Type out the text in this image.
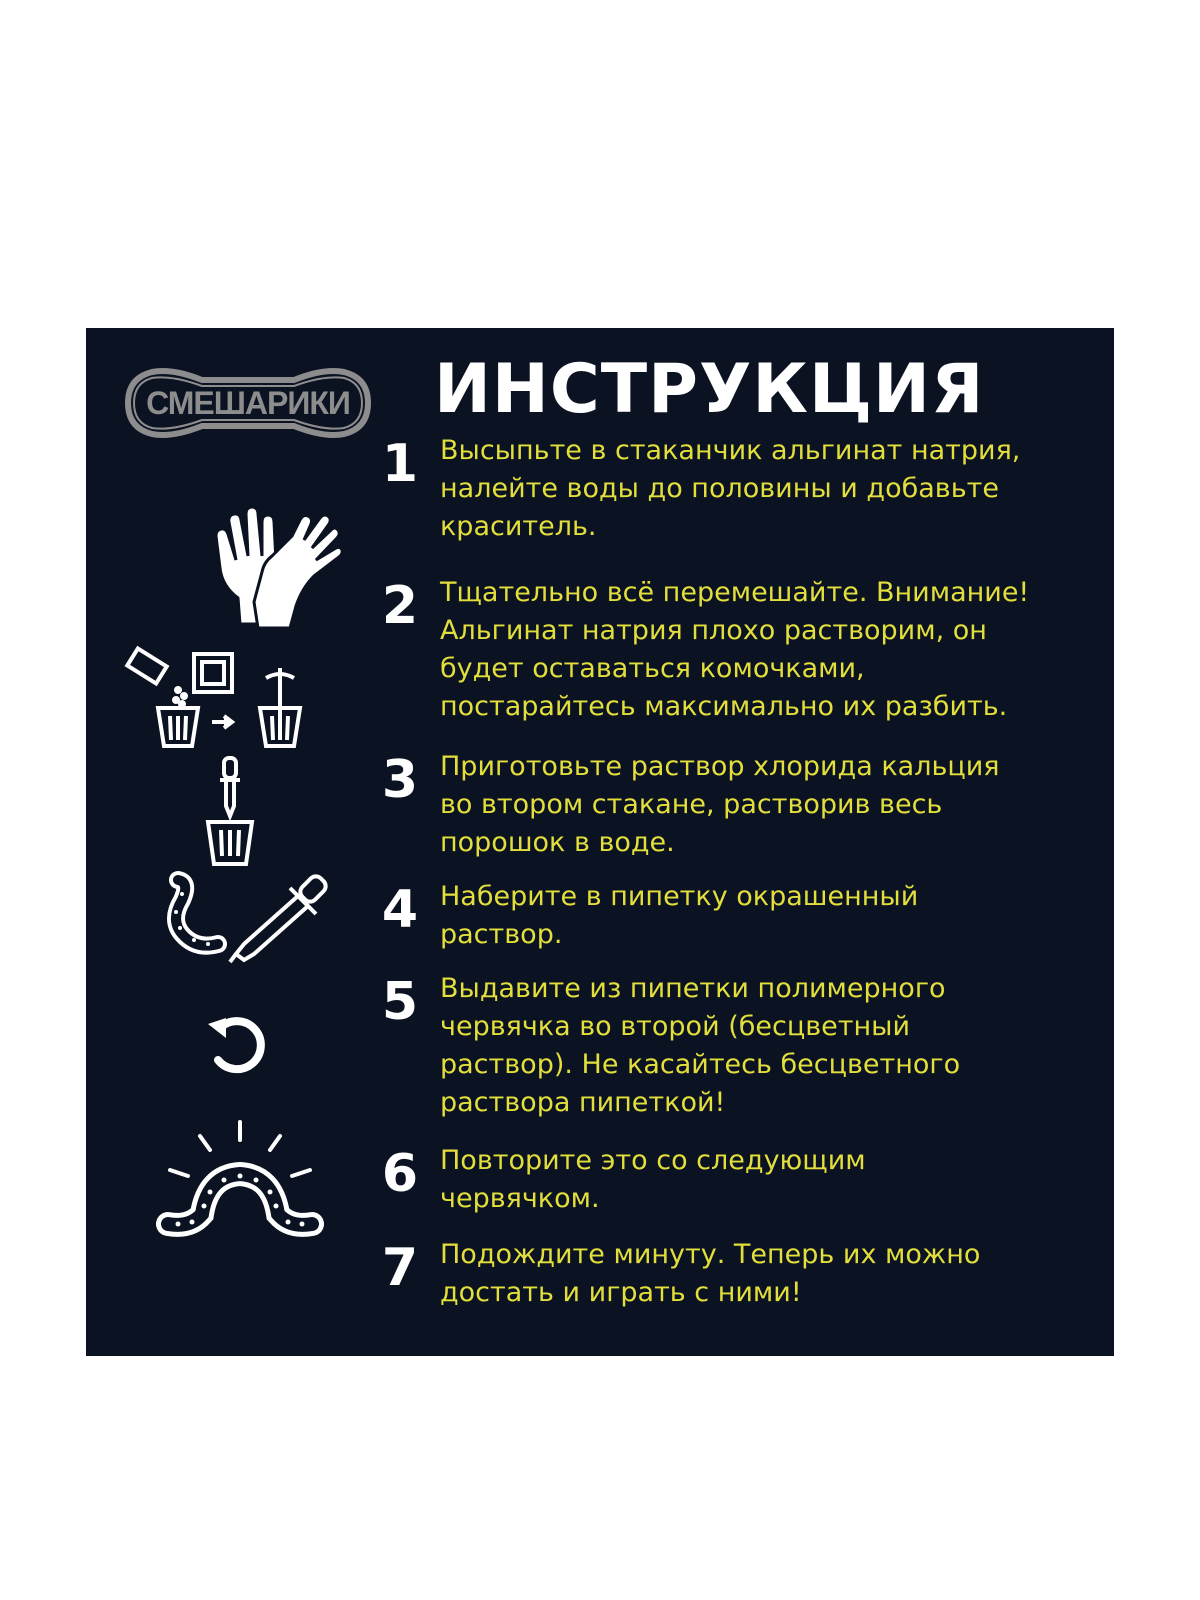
СМЕШАРИКИ ИНСТРУКЦИЯ
1 Высыпьте в стаканчик альгинат натрия,
налейте воды до половины и добавьте
краситель.

2 Тщательно всё перемешайте. Внимание!
Альгинат натрия плохо растворим, он
будет оставаться комочками,
постарайтесь максимально их разбить.

3 Приготовьте раствор хлорида кальция
во втором стакане, растворив весь
порошок в воде.

4 Наберите в пипетку окрашенный
раствор.

5 Выдавите из пипетки полимерного
червячка во второй (бесцветный
раствор). Не касайтесь бесцветного
раствора пипеткой!

6 Повторите это со следующим
червячком.

7 Подождите минуту. Теперь их можно
достать и играть с ними!
